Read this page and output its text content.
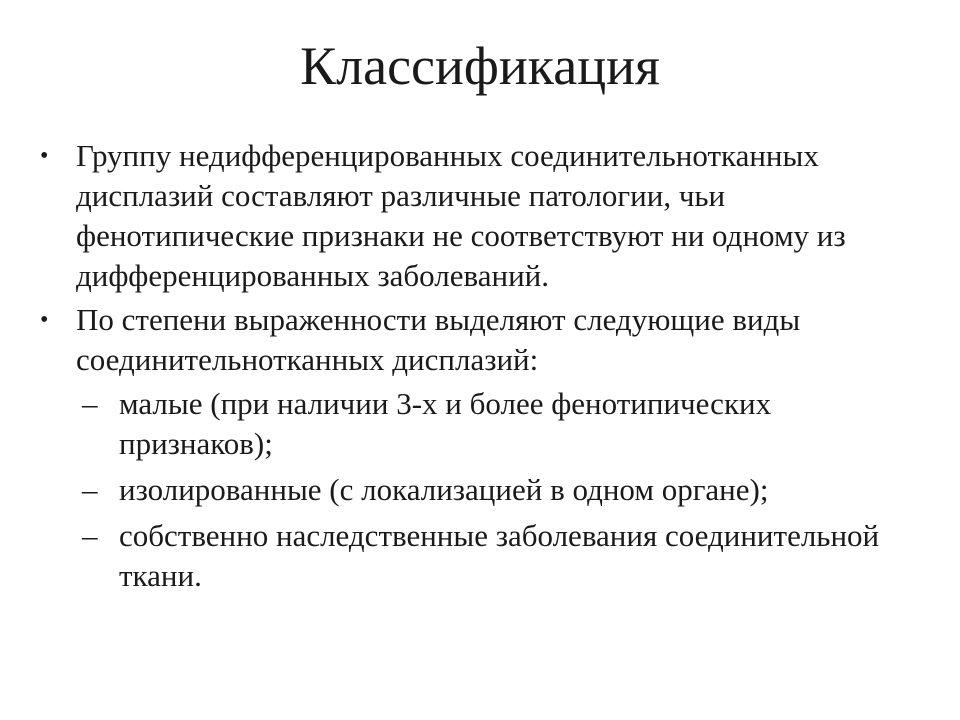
Классификация
• Группу недифференцированных соединительнотканных дисплазий составляют различные патологии, чьи фенотипические признаки не соответствуют ни одному из дифференцированных заболеваний.
• По степени выраженности выделяют следующие виды соединительнотканных дисплазий:
– малые (при наличии 3-х и более фенотипических признаков);
– изолированные (с локализацией в одном органе);
– собственно наследственные заболевания соединительной ткани.
